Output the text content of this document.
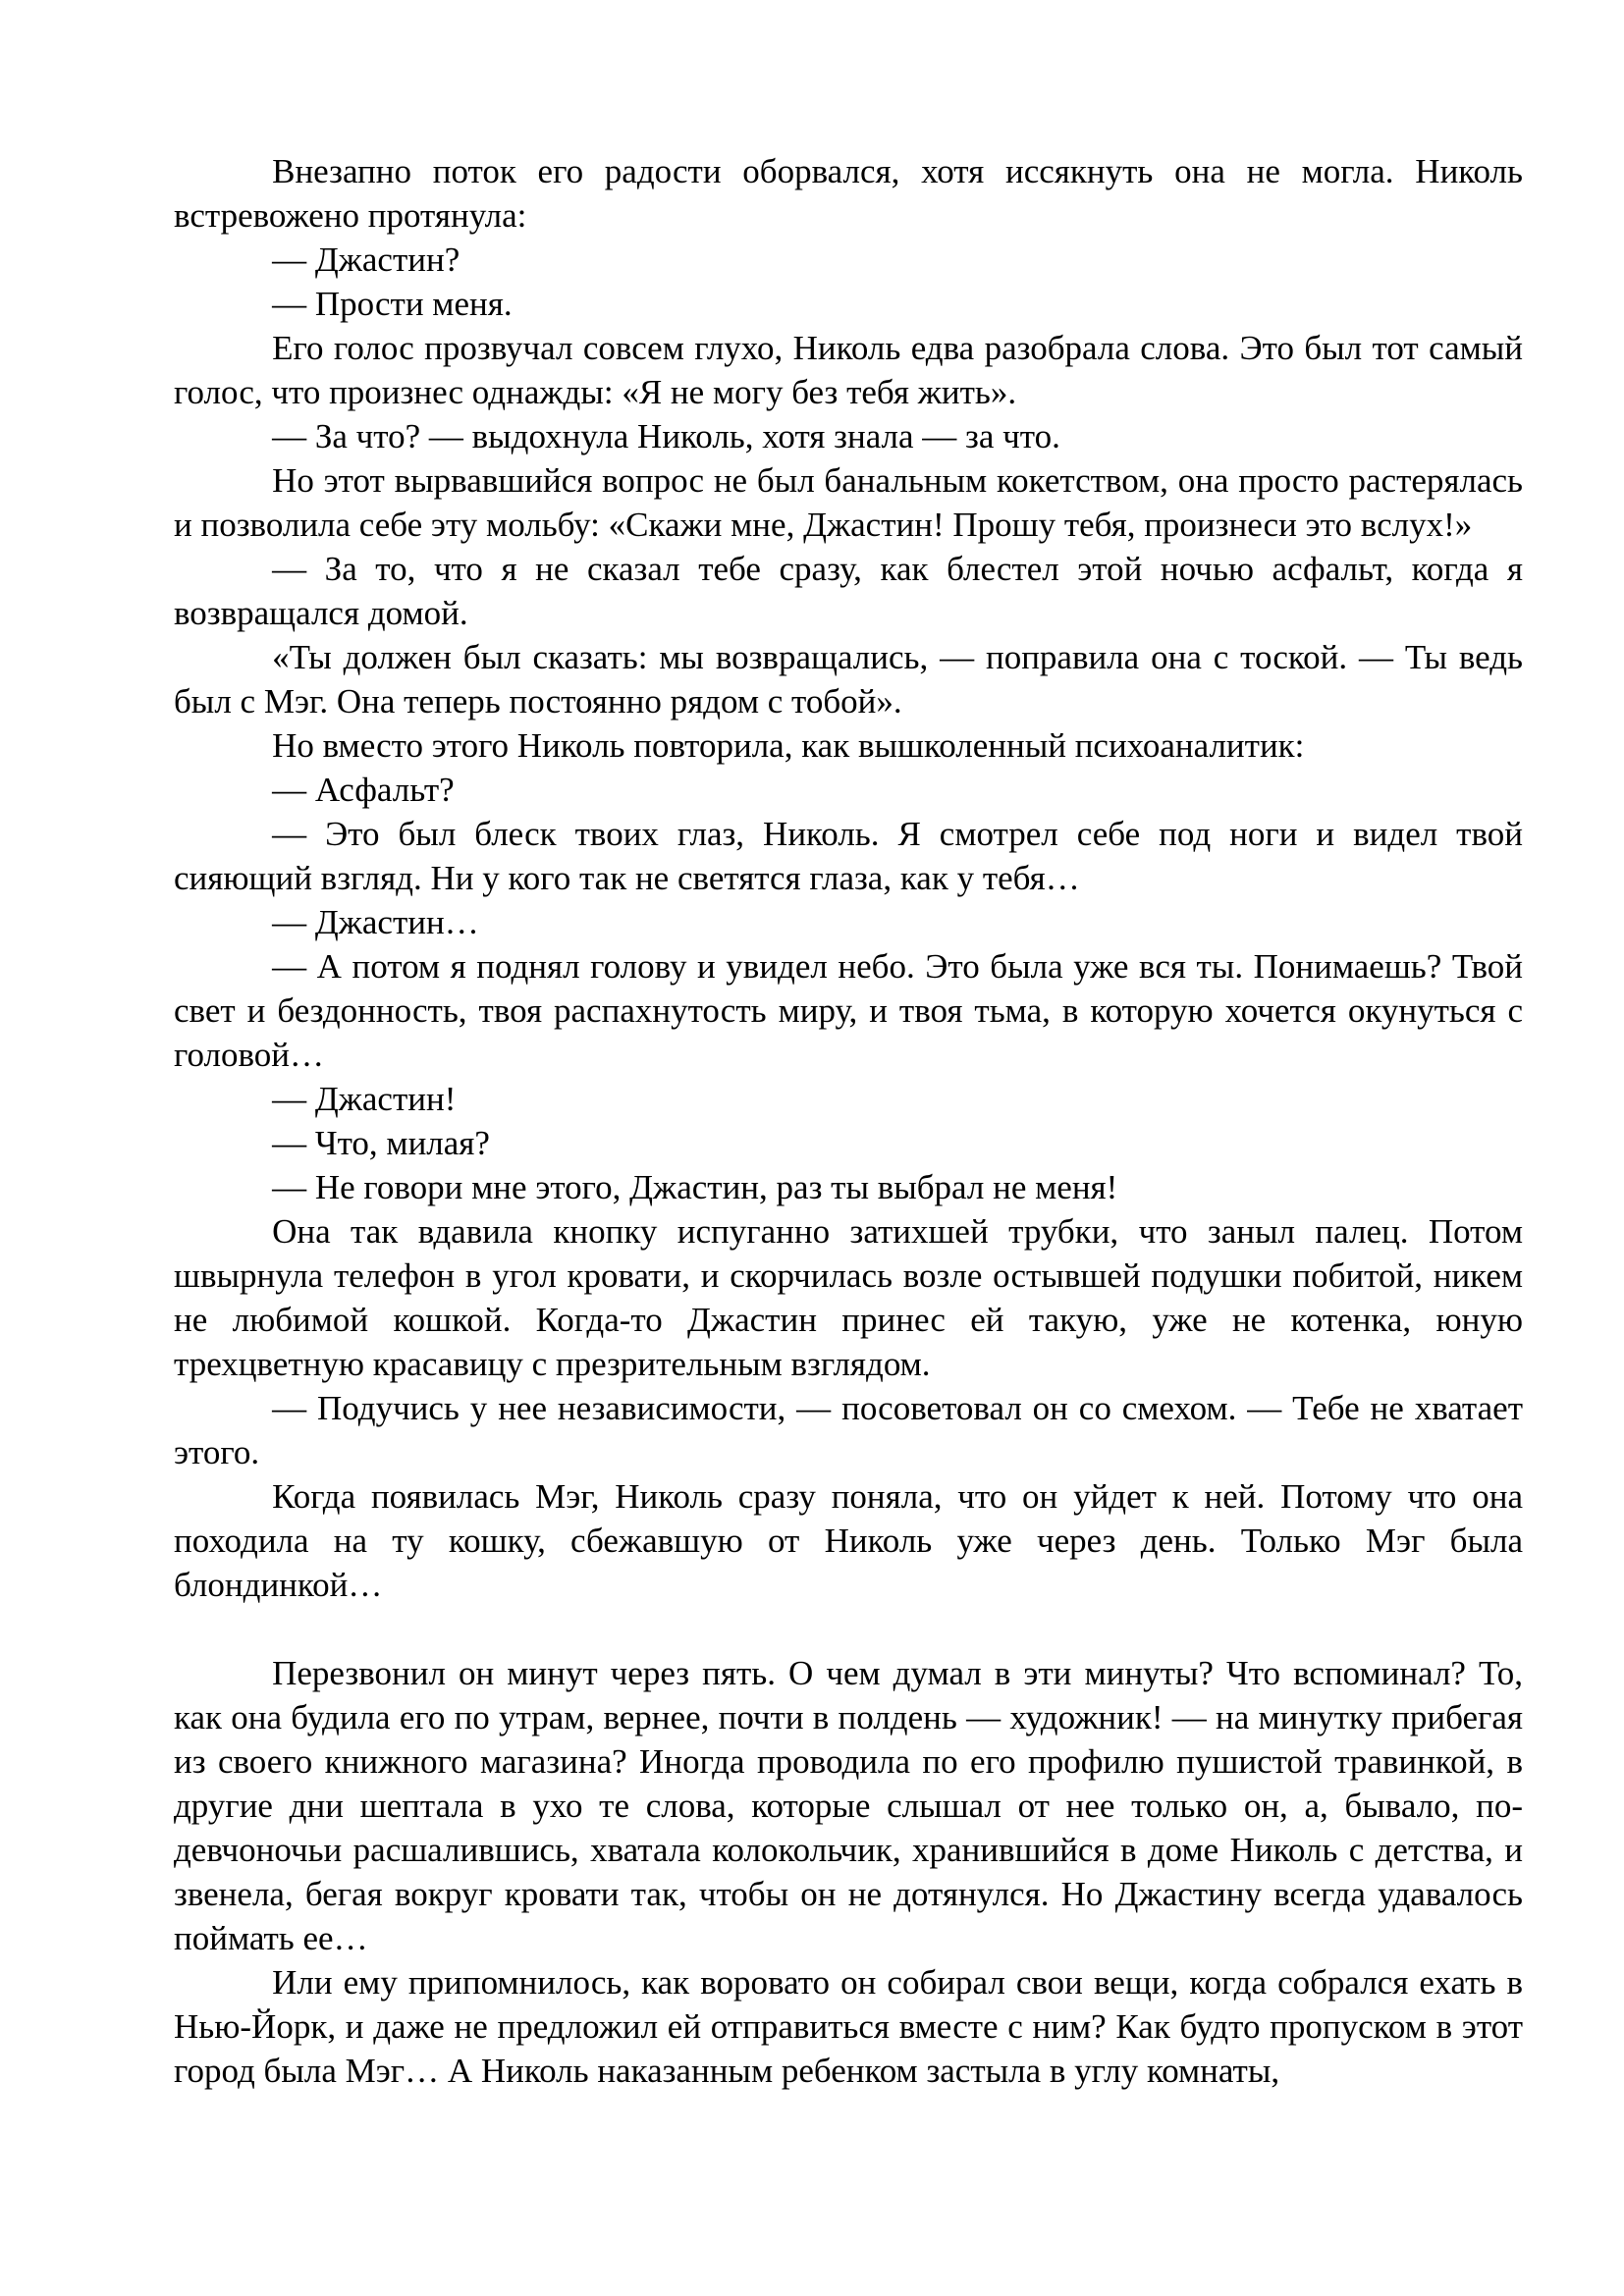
Внезапно поток его радости оборвался, хотя иссякнуть она не могла. Николь встревожено протянула:

— Джастин?

— Прости меня.

Его голос прозвучал совсем глухо, Николь едва разобрала слова. Это был тот самый голос, что произнес однажды: «Я не могу без тебя жить».

— За что? — выдохнула Николь, хотя знала — за что.

Но этот вырвавшийся вопрос не был банальным кокетством, она просто растерялась и позволила себе эту мольбу: «Скажи мне, Джастин! Прошу тебя, произнеси это вслух!»

— За то, что я не сказал тебе сразу, как блестел этой ночью асфальт, когда я возвращался домой.

«Ты должен был сказать: мы возвращались, — поправила она с тоской. — Ты ведь был с Мэг. Она теперь постоянно рядом с тобой».

Но вместо этого Николь повторила, как вышколенный психоаналитик:

— Асфальт?

— Это был блеск твоих глаз, Николь. Я смотрел себе под ноги и видел твой сияющий взгляд. Ни у кого так не светятся глаза, как у тебя…

— Джастин…

— А потом я поднял голову и увидел небо. Это была уже вся ты. Понимаешь? Твой свет и бездонность, твоя распахнутость миру, и твоя тьма, в которую хочется окунуться с головой…

— Джастин!

— Что, милая?

— Не говори мне этого, Джастин, раз ты выбрал не меня!

Она так вдавила кнопку испуганно затихшей трубки, что заныл палец. Потом швырнула телефон в угол кровати, и скорчилась возле остывшей подушки побитой, никем не любимой кошкой. Когда-то Джастин принес ей такую, уже не котенка, юную трехцветную красавицу с презрительным взглядом.

— Подучись у нее независимости, — посоветовал он со смехом. — Тебе не хватает этого.

Когда появилась Мэг, Николь сразу поняла, что он уйдет к ней. Потому что она походила на ту кошку, сбежавшую от Николь уже через день. Только Мэг была блондинкой…

Перезвонил он минут через пять. О чем думал в эти минуты? Что вспоминал? То, как она будила его по утрам, вернее, почти в полдень — художник! — на минутку прибегая из своего книжного магазина? Иногда проводила по его профилю пушистой травинкой, в другие дни шептала в ухо те слова, которые слышал от нее только он, а, бывало, по-девчоночьи расшалившись, хватала колокольчик, хранившийся в доме Николь с детства, и звенела, бегая вокруг кровати так, чтобы он не дотянулся. Но Джастину всегда удавалось поймать ее…

Или ему припомнилось, как воровато он собирал свои вещи, когда собрался ехать в Нью-Йорк, и даже не предложил ей отправиться вместе с ним? Как будто пропуском в этот город была Мэг… А Николь наказанным ребенком застыла в углу комнаты,
